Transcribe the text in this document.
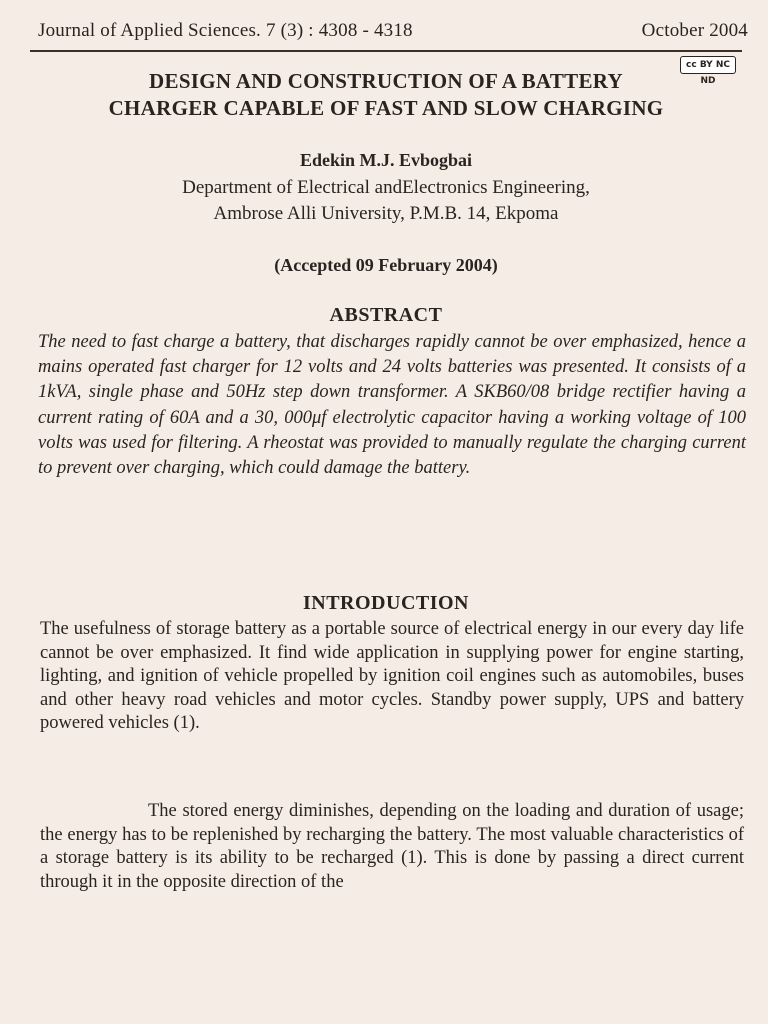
Journal of Applied Sciences. 7 (3) : 4308 - 4318	October 2004
cc BY NC ND
DESIGN AND CONSTRUCTION OF A BATTERY
CHARGER CAPABLE OF FAST AND SLOW CHARGING
Edekin M.J. Evbogbai
Department of Electrical andElectronics Engineering,
Ambrose Alli University, P.M.B. 14, Ekpoma
(Accepted 09 February 2004)
ABSTRACT
The need to fast charge a battery, that discharges rapidly cannot be over emphasized, hence a mains operated fast charger for 12 volts and 24 volts batteries was presented. It consists of a 1kVA, single phase and 50Hz step down transformer. A SKB60/08 bridge rectifier having a current rating of 60A and a 30, 000μf electrolytic capacitor having a working voltage of 100 volts was used for filtering. A rheostat was provided to manually regulate the charging current to prevent over charging, which could damage the battery.
INTRODUCTION
The usefulness of storage battery as a portable source of electrical energy in our every day life cannot be over emphasized. It find wide application in supplying power for engine starting, lighting, and ignition of vehicle propelled by ignition coil engines such as automobiles, buses and other heavy road vehicles and motor cycles. Standby power supply, UPS and battery powered vehicles (1).
The stored energy diminishes, depending on the loading and duration of usage; the energy has to be replenished by recharging the battery. The most valuable characteristics of a storage battery is its ability to be recharged (1). This is done by passing a direct current through it in the opposite direction of the
